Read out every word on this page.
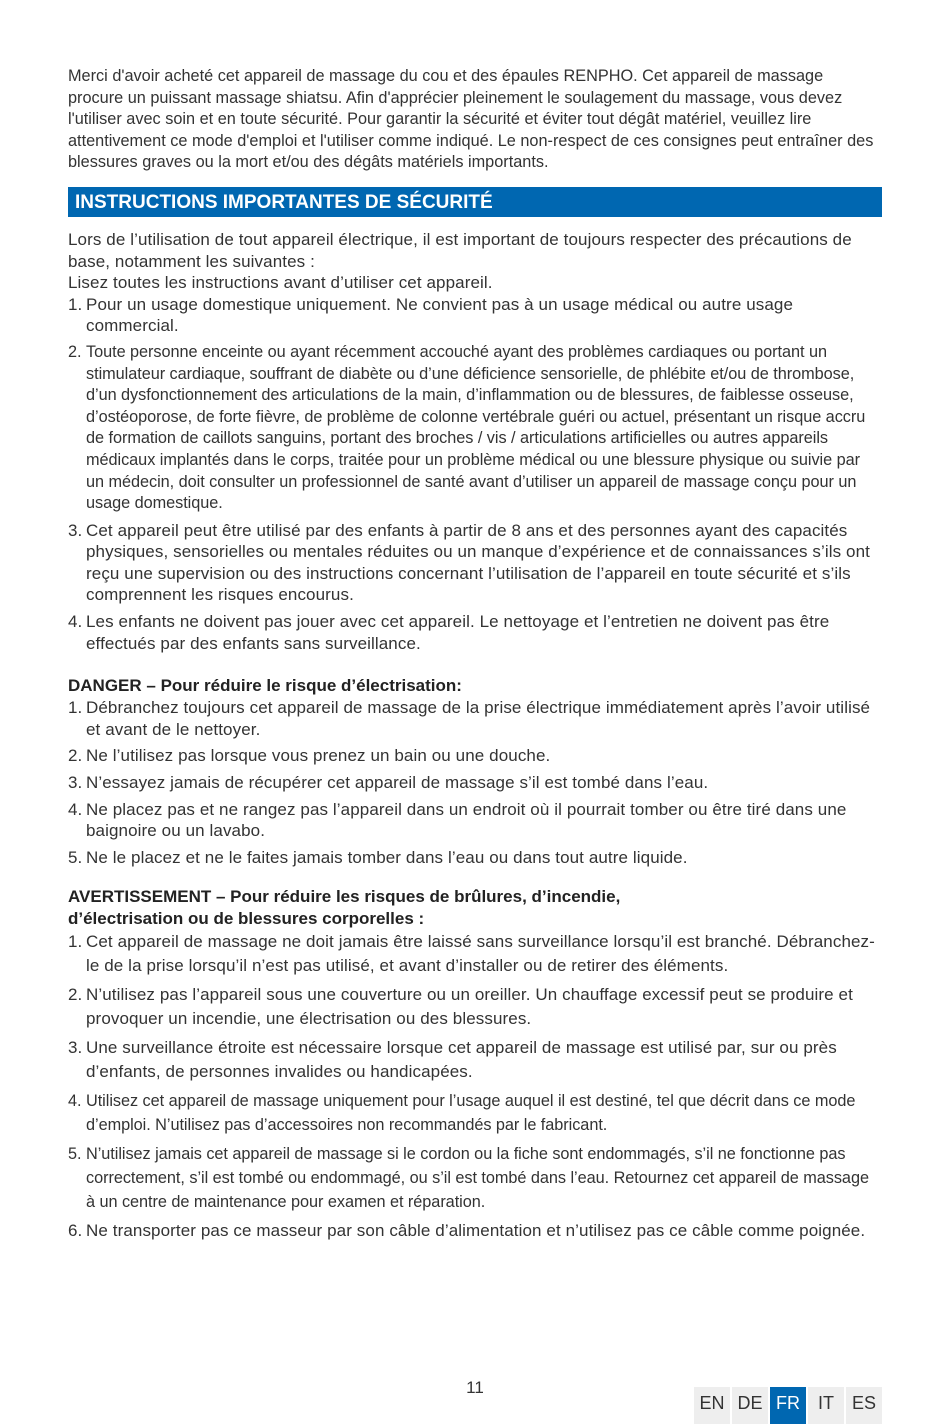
Merci d'avoir acheté cet appareil de massage du cou et des épaules RENPHO. Cet appareil de massage procure un puissant massage shiatsu. Afin d'apprécier pleinement le soulagement du massage, vous devez l'utiliser avec soin et en toute sécurité. Pour garantir la sécurité et éviter tout dégât matériel, veuillez lire attentivement ce mode d'emploi et l'utiliser comme indiqué. Le non-respect de ces consignes peut entraîner des blessures graves ou la mort et/ou des dégâts matériels importants.

INSTRUCTIONS IMPORTANTES DE SÉCURITÉ

Lors de l’utilisation de tout appareil électrique, il est important de toujours respecter des précautions de base, notamment les suivantes :
Lisez toutes les instructions avant d’utiliser cet appareil.

1. Pour un usage domestique uniquement. Ne convient pas à un usage médical ou autre usage commercial.
2. Toute personne enceinte ou ayant récemment accouché ayant des problèmes cardiaques ou portant un stimulateur cardiaque, souffrant de diabète ou d’une déficience sensorielle, de phlébite et/ou de thrombose, d’un dysfonctionnement des articulations de la main, d’inflammation ou de blessures, de faiblesse osseuse, d’ostéoporose, de forte fièvre, de problème de colonne vertébrale guéri ou actuel, présentant un risque accru de formation de caillots sanguins, portant des broches / vis / articulations artificielles ou autres appareils médicaux implantés dans le corps, traitée pour un problème médical ou une blessure physique ou suivie par un médecin, doit consulter un professionnel de santé avant d’utiliser un appareil de massage conçu pour un usage domestique.
3. Cet appareil peut être utilisé par des enfants à partir de 8 ans et des personnes ayant des capacités physiques, sensorielles ou mentales réduites ou un manque d’expérience et de connaissances s’ils ont reçu une supervision ou des instructions concernant l’utilisation de l’appareil en toute sécurité et s’ils comprennent les risques encourus.
4. Les enfants ne doivent pas jouer avec cet appareil. Le nettoyage et l’entretien ne doivent pas être effectués par des enfants sans surveillance.
DANGER – Pour réduire le risque d’électrisation:
1. Débranchez toujours cet appareil de massage de la prise électrique immédiatement après l’avoir utilisé et avant de le nettoyer.
2. Ne l’utilisez pas lorsque vous prenez un bain ou une douche.
3. N’essayez jamais de récupérer cet appareil de massage s’il est tombé dans l’eau.
4. Ne placez pas et ne rangez pas l’appareil dans un endroit où il pourrait tomber ou être tiré dans une baignoire ou un lavabo.
5. Ne le placez et ne le faites jamais tomber dans l’eau ou dans tout autre liquide.
AVERTISSEMENT – Pour réduire les risques de brûlures, d’incendie,
d’électrisation ou de blessures corporelles :
1. Cet appareil de massage ne doit jamais être laissé sans surveillance lorsqu’il est branché. Débranchez-le de la prise lorsqu’il n’est pas utilisé, et avant d’installer ou de retirer des éléments.
2. N’utilisez pas l’appareil sous une couverture ou un oreiller. Un chauffage excessif peut se produire et provoquer un incendie, une électrisation ou des blessures.
3. Une surveillance étroite est nécessaire lorsque cet appareil de massage est utilisé par, sur ou près d’enfants, de personnes invalides ou handicapées.
4. Utilisez cet appareil de massage uniquement pour l’usage auquel il est destiné, tel que décrit dans ce mode d’emploi. N’utilisez pas d’accessoires non recommandés par le fabricant.
5. N’utilisez jamais cet appareil de massage si le cordon ou la fiche sont endommagés, s’il ne fonctionne pas correctement, s’il est tombé ou endommagé, ou s’il est tombé dans l’eau. Retournez cet appareil de massage à un centre de maintenance pour examen et réparation.
6. Ne transporter pas ce masseur par son câble d’alimentation et n’utilisez pas ce câble comme poignée.
11
EN DE FR	IT ES
